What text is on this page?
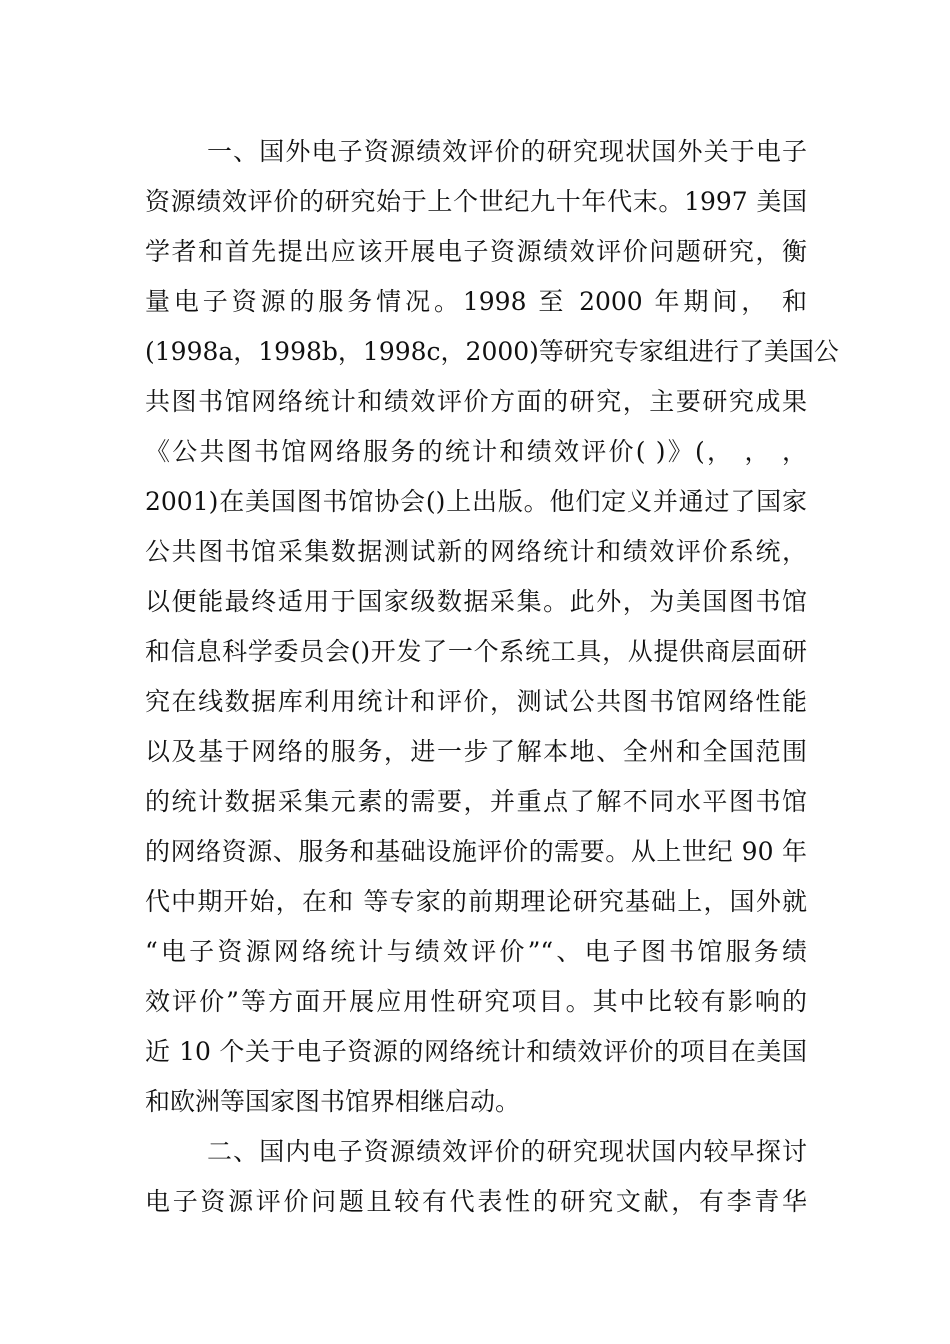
一、国外电子资源绩效评价的研究现状国外关于电子
资源绩效评价的研究始于上个世纪九十年代末。1997 美国
学者和首先提出应该开展电子资源绩效评价问题研究，衡
量电子资源的服务情况。1998 至 2000 年期间， 和
(1998a，1998b，1998c，2000)等研究专家组进行了美国公
共图书馆网络统计和绩效评价方面的研究，主要研究成果
《公共图书馆网络服务的统计和绩效评价( )》(， ， ，
2001)在美国图书馆协会()上出版。他们定义并通过了国家
公共图书馆采集数据测试新的网络统计和绩效评价系统，
以便能最终适用于国家级数据采集。此外，为美国图书馆
和信息科学委员会()开发了一个系统工具，从提供商层面研
究在线数据库利用统计和评价，测试公共图书馆网络性能
以及基于网络的服务，进一步了解本地、全州和全国范围
的统计数据采集元素的需要，并重点了解不同水平图书馆
的网络资源、服务和基础设施评价的需要。从上世纪 90 年
代中期开始，在和 等专家的前期理论研究基础上，国外就
“电子资源网络统计与绩效评价”“、电子图书馆服务绩
效评价”等方面开展应用性研究项目。其中比较有影响的
近 10 个关于电子资源的网络统计和绩效评价的项目在美国
和欧洲等国家图书馆界相继启动。
二、国内电子资源绩效评价的研究现状国内较早探讨
电子资源评价问题且较有代表性的研究文献，有李青华
